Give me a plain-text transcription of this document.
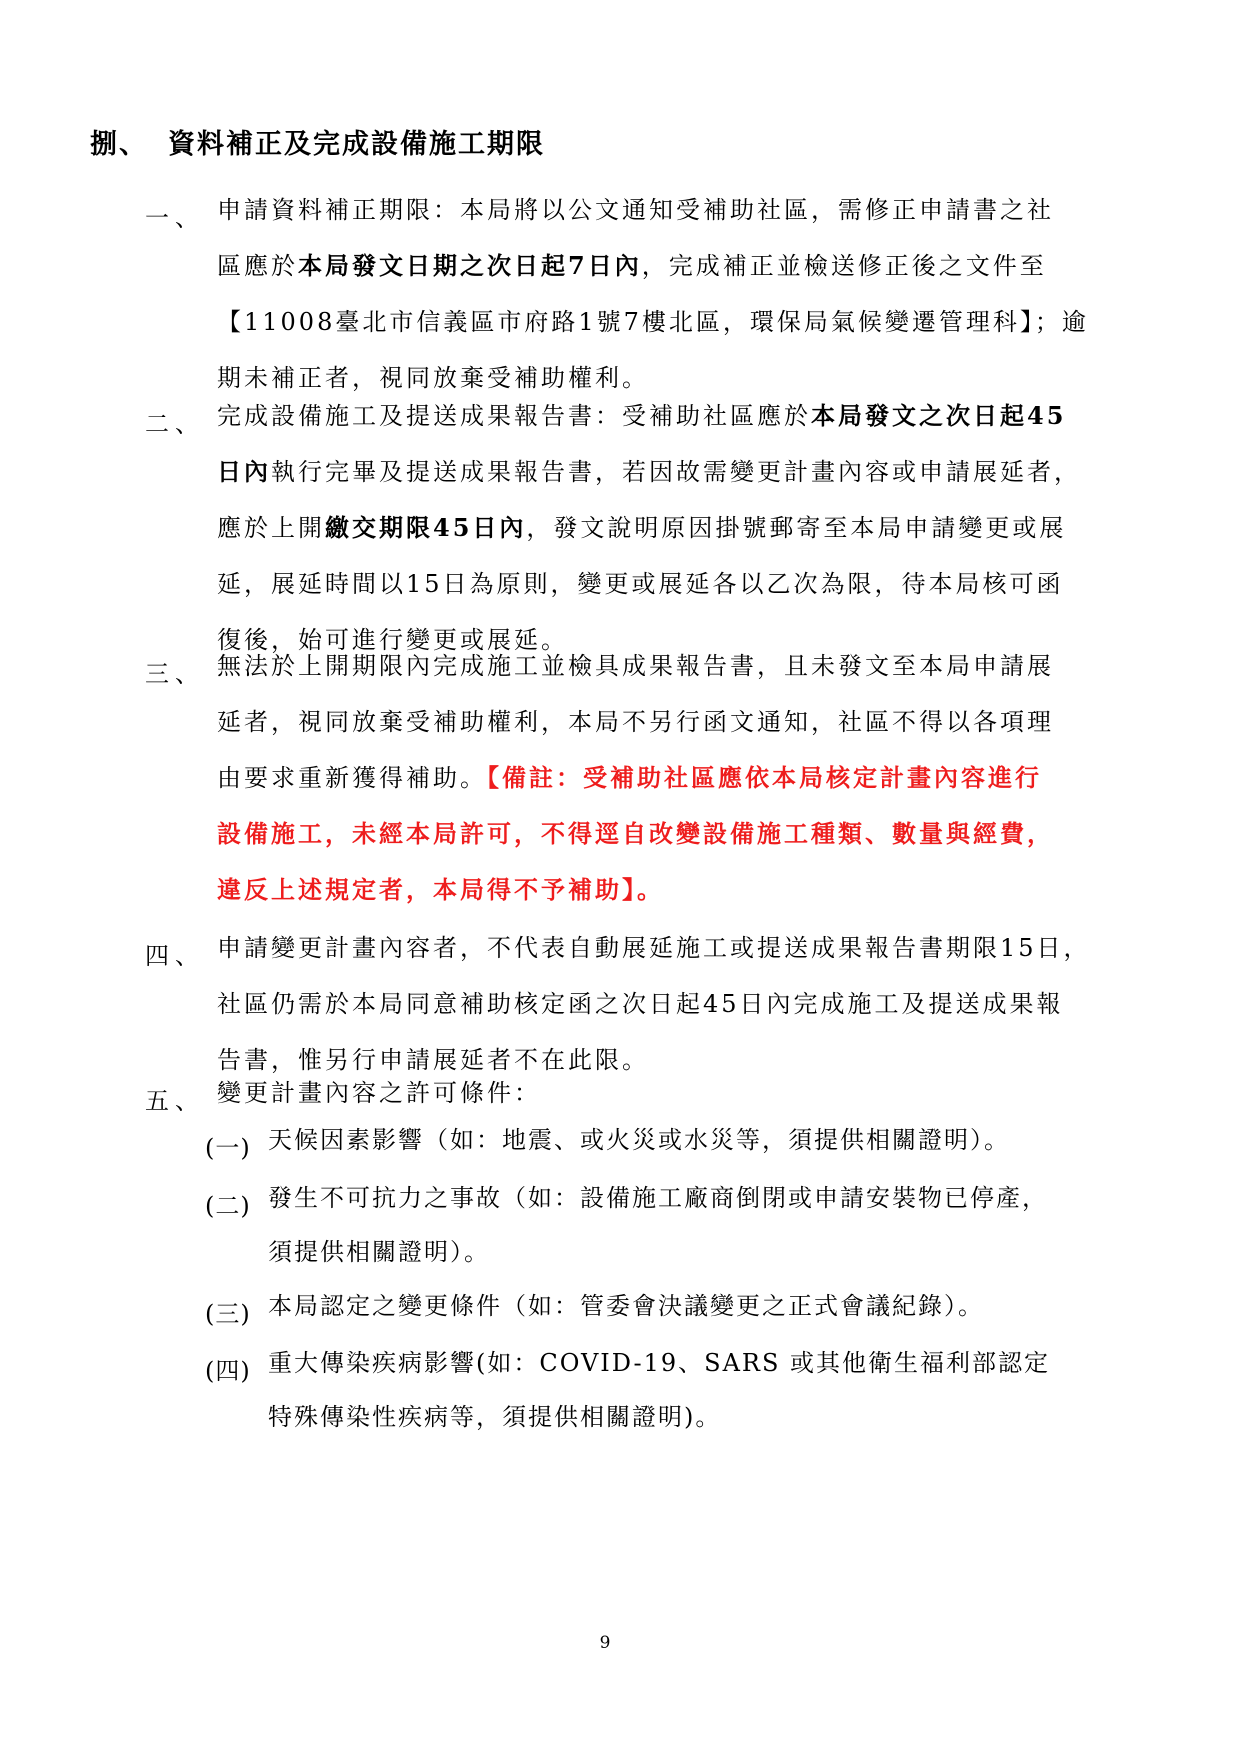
捌、 資料補正及完成設備施工期限
一、 申請資料補正期限：本局將以公文通知受補助社區，需修正申請書之社
區應於本局發文日期之次日起7日內，完成補正並檢送修正後之文件至
【11008臺北市信義區市府路1號7樓北區，環保局氣候變遷管理科】；逾
期未補正者，視同放棄受補助權利。
二、 完成設備施工及提送成果報告書：受補助社區應於本局發文之次日起45
日內執行完畢及提送成果報告書，若因故需變更計畫內容或申請展延者，
應於上開繳交期限45日內，發文說明原因掛號郵寄至本局申請變更或展
延，展延時間以15日為原則，變更或展延各以乙次為限，待本局核可函
復後，始可進行變更或展延。
三、 無法於上開期限內完成施工並檢具成果報告書，且未發文至本局申請展
延者，視同放棄受補助權利，本局不另行函文通知，社區不得以各項理
由要求重新獲得補助。【備註：受補助社區應依本局核定計畫內容進行
設備施工，未經本局許可，不得逕自改變設備施工種類、數量與經費，
違反上述規定者，本局得不予補助】。
四、 申請變更計畫內容者，不代表自動展延施工或提送成果報告書期限15日，
社區仍需於本局同意補助核定函之次日起45日內完成施工及提送成果報
告書，惟另行申請展延者不在此限。
五、 變更計畫內容之許可條件：
(一) 天候因素影響（如：地震、或火災或水災等，須提供相關證明）。
(二) 發生不可抗力之事故（如：設備施工廠商倒閉或申請安裝物已停產，
須提供相關證明）。
(三) 本局認定之變更條件（如：管委會決議變更之正式會議紀錄）。
(四) 重大傳染疾病影響(如：COVID-19、SARS 或其他衛生福利部認定
特殊傳染性疾病等，須提供相關證明)。
9
